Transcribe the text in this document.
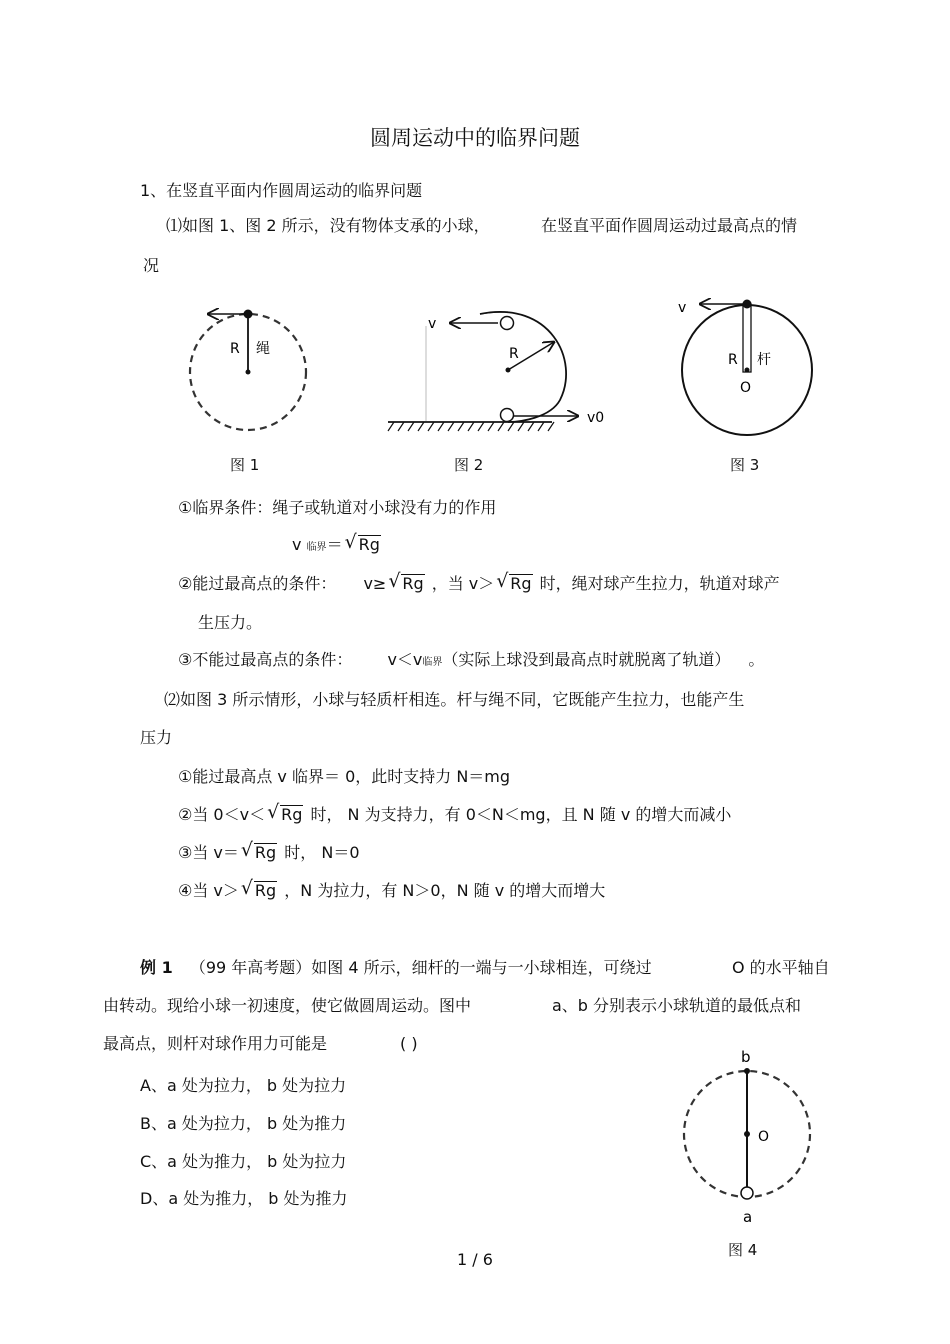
圆周运动中的临界问题
1、在竖直平面内作圆周运动的临界问题
⑴如图 1、图 2 所示，没有物体支承的小球，	在竖直平面作圆周运动过最高点的情
况
R 绳
图 1
v
R
v0
图 2
v
R 杆
O
图 3
①临界条件：绳子或轨道对小球没有力的作用
v 临界＝ √ Rg
②能过最高点的条件： v≥ √ Rg ，当 v＞ √ Rg 时，绳对球产生拉力，轨道对球产
生压力。
③不能过最高点的条件： v＜v临界（实际上球没到最高点时就脱离了轨道） 。
⑵如图 3 所示情形，小球与轻质杆相连。杆与绳不同，它既能产生拉力，也能产生
压力
①能过最高点 v 临界＝ 0，此时支持力 N＝mg
②当 0＜v＜ √ Rg 时， N 为支持力，有 0＜N＜mg，且 N 随 v 的增大而减小
③当 v＝ √ Rg 时， N＝0
④当 v＞ √ Rg ，N 为拉力，有 N＞0，N 随 v 的增大而增大
例 1 （99 年高考题）如图 4 所示，细杆的一端与一小球相连，可绕过	O 的水平轴自
由转动。现给小球一初速度，使它做圆周运动。图中	a、b 分别表示小球轨道的最低点和
最高点，则杆对球作用力可能是	( )
A、a 处为拉力， b 处为拉力
B、a 处为拉力， b 处为推力
C、a 处为推力， b 处为拉力
D、a 处为推力， b 处为推力
b
O
a
图 4
1 / 6
